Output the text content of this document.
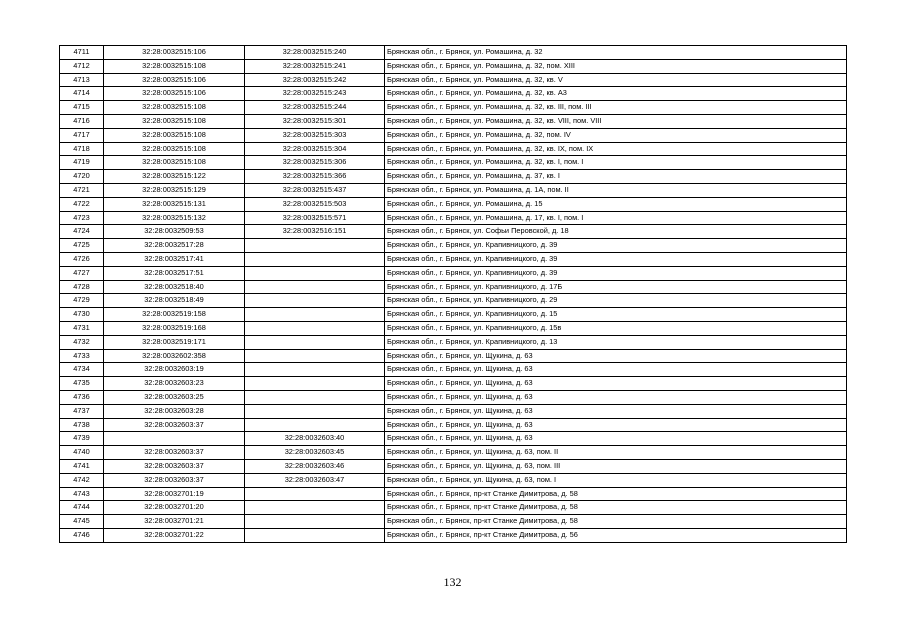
4711	32:28:0032515:106	32:28:0032515:240	Брянская обл., г. Брянск, ул. Ромашина, д. 32
4712	32:28:0032515:108	32:28:0032515:241	Брянская обл., г. Брянск, ул. Ромашина, д. 32, пом. XIII
4713	32:28:0032515:106	32:28:0032515:242	Брянская обл., г. Брянск, ул. Ромашина, д. 32, кв. V
4714	32:28:0032515:106	32:28:0032515:243	Брянская обл., г. Брянск, ул. Ромашина, д. 32, кв. А3
4715	32:28:0032515:108	32:28:0032515:244	Брянская обл., г. Брянск, ул. Ромашина, д. 32, кв. III, пом. III
4716	32:28:0032515:108	32:28:0032515:301	Брянская обл., г. Брянск, ул. Ромашина, д. 32, кв. VIII, пом. VIII
4717	32:28:0032515:108	32:28:0032515:303	Брянская обл., г. Брянск, ул. Ромашина, д. 32, пом. IV
4718	32:28:0032515:108	32:28:0032515:304	Брянская обл., г. Брянск, ул. Ромашина, д. 32, кв. IX, пом. IX
4719	32:28:0032515:108	32:28:0032515:306	Брянская обл., г. Брянск, ул. Ромашина, д. 32, кв. I, пом. I
4720	32:28:0032515:122	32:28:0032515:366	Брянская обл., г. Брянск, ул. Ромашина, д. 37, кв. I
4721	32:28:0032515:129	32:28:0032515:437	Брянская обл., г. Брянск, ул. Ромашина, д. 1А, пом. II
4722	32:28:0032515:131	32:28:0032515:503	Брянская обл., г. Брянск, ул. Ромашина, д. 15
4723	32:28:0032515:132	32:28:0032515:571	Брянская обл., г. Брянск, ул. Ромашина, д. 17, кв. I, пом. I
4724	32:28:0032509:53	32:28:0032516:151	Брянская обл., г. Брянск, ул. Софьи Перовской, д. 18
4725	32:28:0032517:28		Брянская обл., г. Брянск, ул. Крапивницкого, д. 39
4726	32:28:0032517:41		Брянская обл., г. Брянск, ул. Крапивницкого, д. 39
4727	32:28:0032517:51		Брянская обл., г. Брянск, ул. Крапивницкого, д. 39
4728	32:28:0032518:40		Брянская обл., г. Брянск, ул. Крапивницкого, д. 17Б
4729	32:28:0032518:49		Брянская обл., г. Брянск, ул. Крапивницкого, д. 29
4730	32:28:0032519:158		Брянская обл., г. Брянск, ул. Крапивницкого, д. 15
4731	32:28:0032519:168		Брянская обл., г. Брянск, ул. Крапивницкого, д. 15в
4732	32:28:0032519:171		Брянская обл., г. Брянск, ул. Крапивницкого, д. 13
4733	32:28:0032602:358		Брянская обл., г. Брянск, ул. Щукина, д. 63
4734	32:28:0032603:19		Брянская обл., г. Брянск, ул. Щукина, д. 63
4735	32:28:0032603:23		Брянская обл., г. Брянск, ул. Щукина, д. 63
4736	32:28:0032603:25		Брянская обл., г. Брянск, ул. Щукина, д. 63
4737	32:28:0032603:28		Брянская обл., г. Брянск, ул. Щукина, д. 63
4738	32:28:0032603:37		Брянская обл., г. Брянск, ул. Щукина, д. 63
4739		32:28:0032603:40	Брянская обл., г. Брянск, ул. Щукина, д. 63
4740	32:28:0032603:37	32:28:0032603:45	Брянская обл., г. Брянск, ул. Щукина, д. 63, пом. II
4741	32:28:0032603:37	32:28:0032603:46	Брянская обл., г. Брянск, ул. Щукина, д. 63, пом. III
4742	32:28:0032603:37	32:28:0032603:47	Брянская обл., г. Брянск, ул. Щукина, д. 63, пом. I
4743	32:28:0032701:19		Брянская обл., г. Брянск, пр-кт Станке Димитрова, д. 58
4744	32:28:0032701:20		Брянская обл., г. Брянск, пр-кт Станке Димитрова, д. 58
4745	32:28:0032701:21		Брянская обл., г. Брянск, пр-кт Станке Димитрова, д. 58
4746	32:28:0032701:22		Брянская обл., г. Брянск, пр-кт Станке Димитрова, д. 56
132
